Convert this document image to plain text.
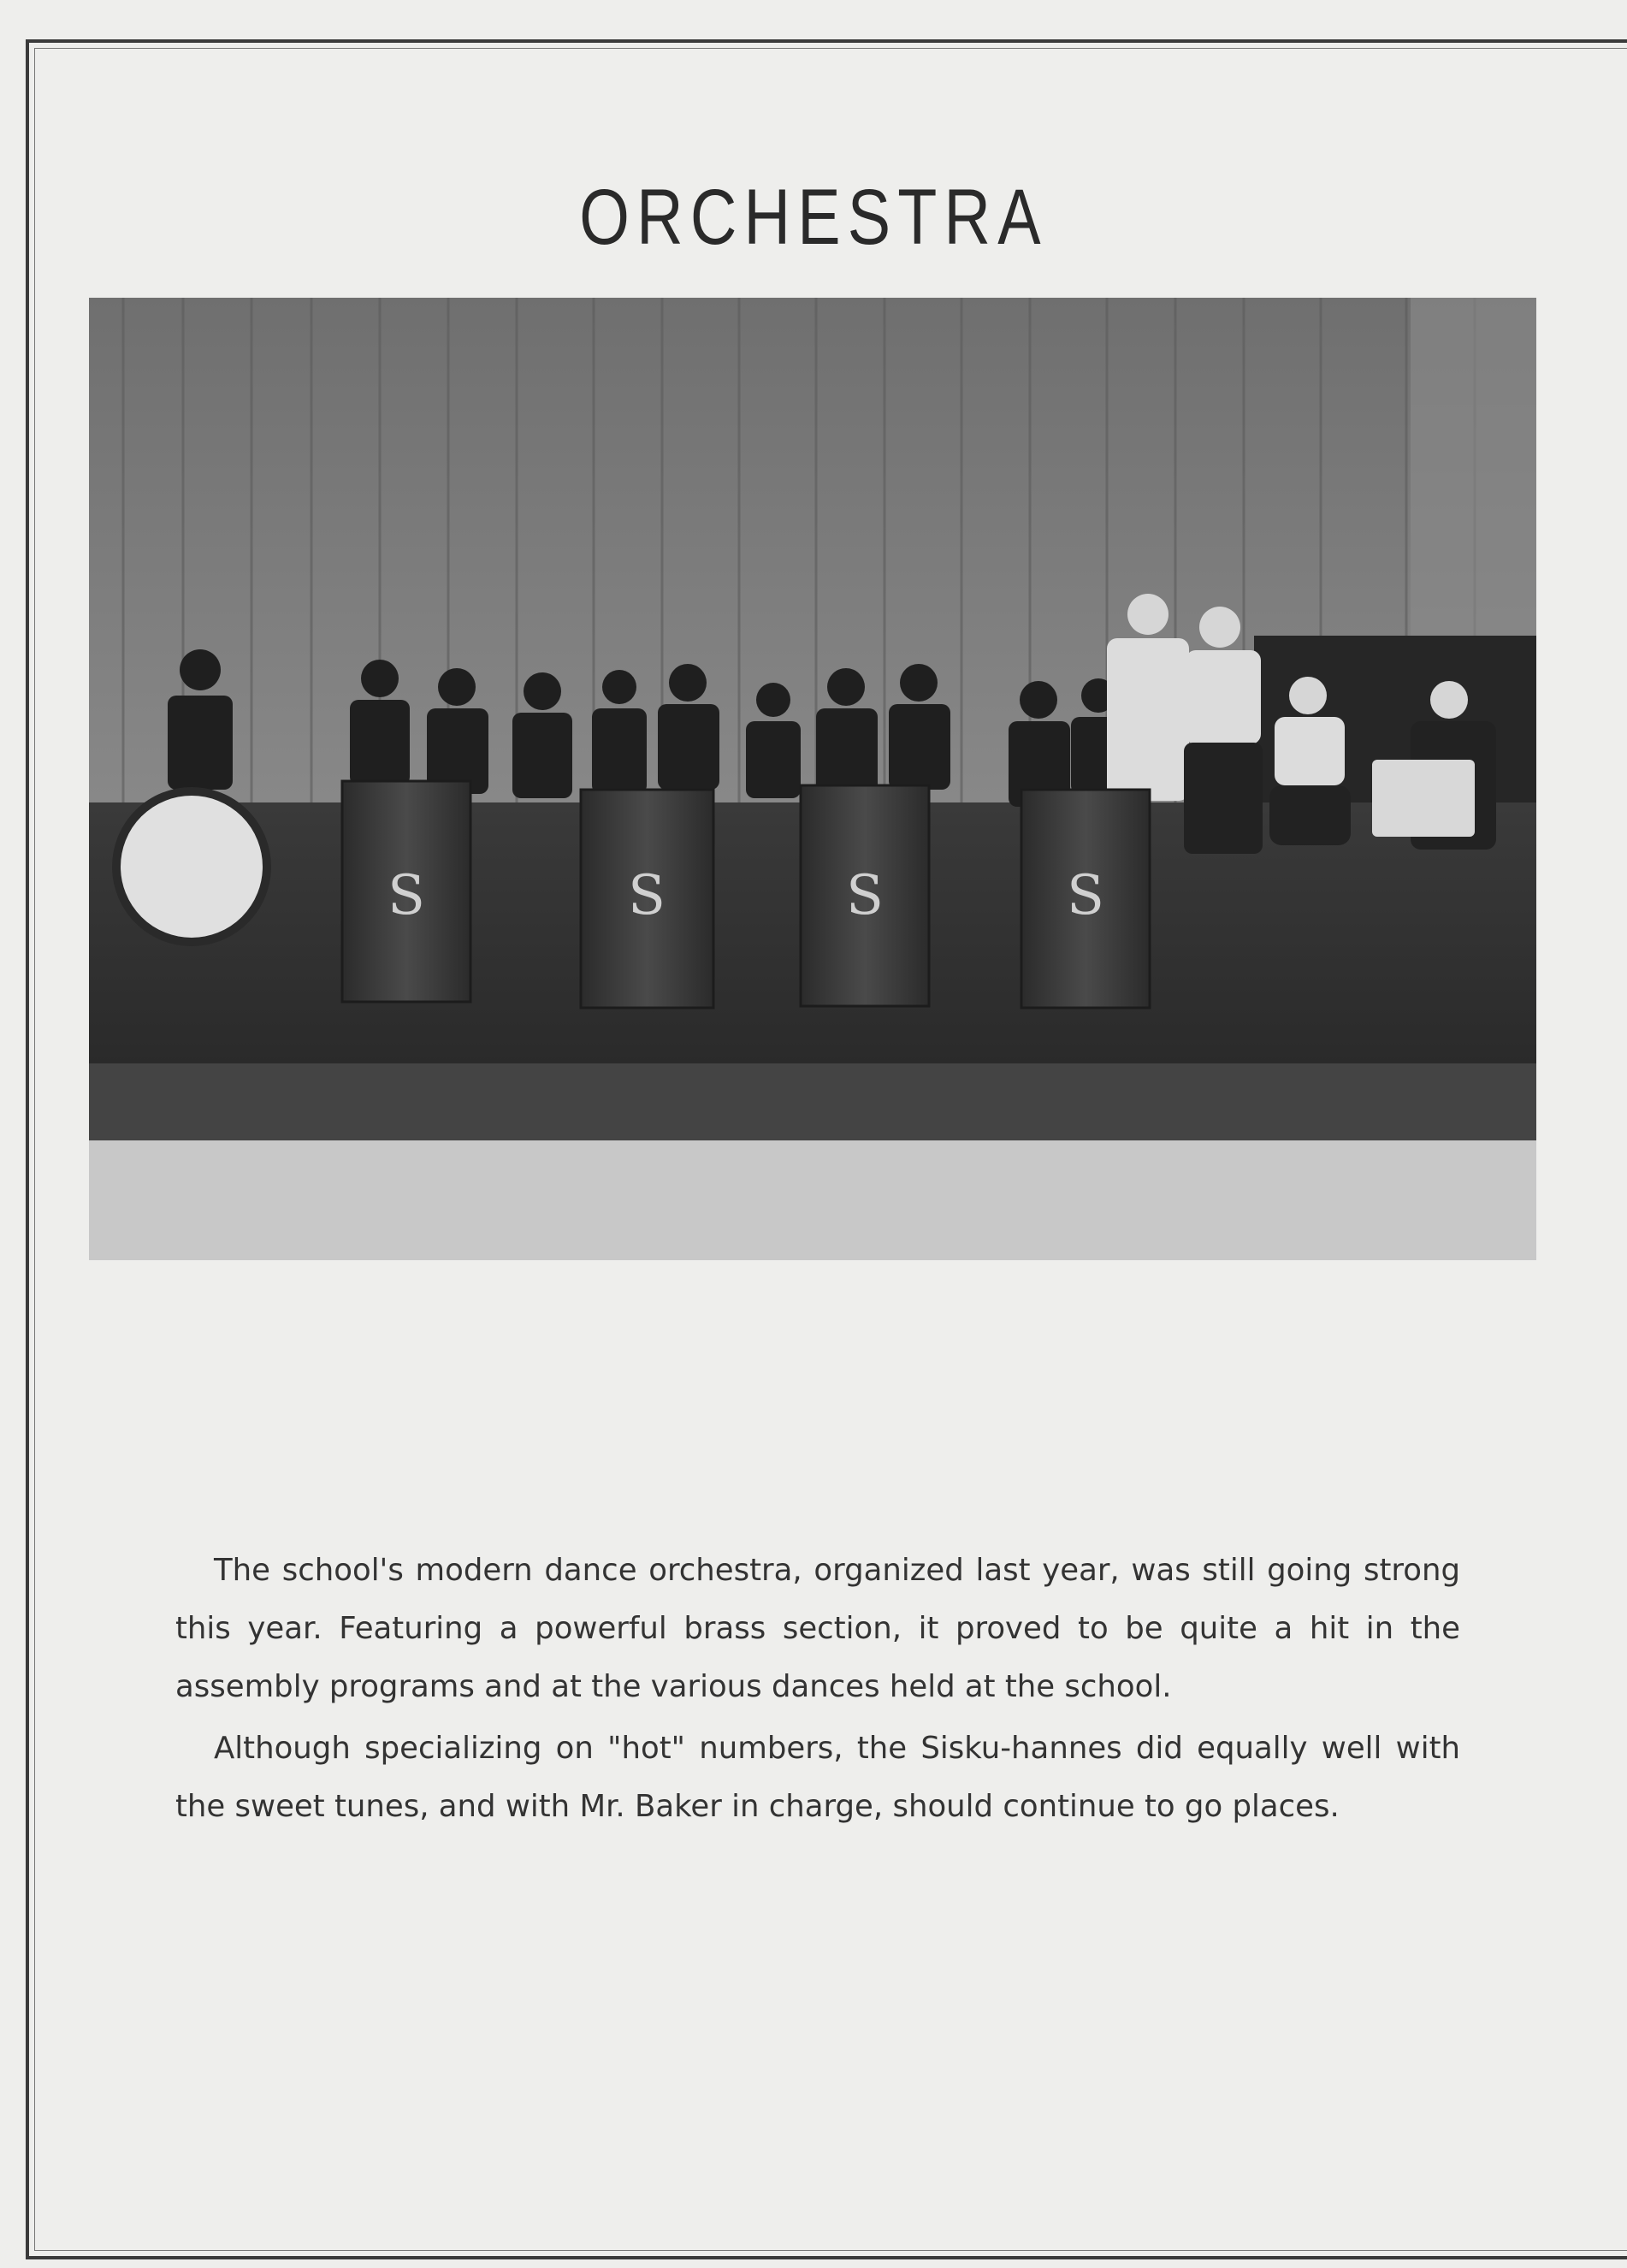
ORCHESTRA
S	S	S	S

The school's modern dance orchestra, organized last year, was still going strong this year. Featuring a powerful brass section, it proved to be quite a hit in the assembly programs and at the various dances held at the school.

Although specializing on "hot" numbers, the Sisku-hannes did equally well with the sweet tunes, and with Mr. Baker in charge, should continue to go places.
